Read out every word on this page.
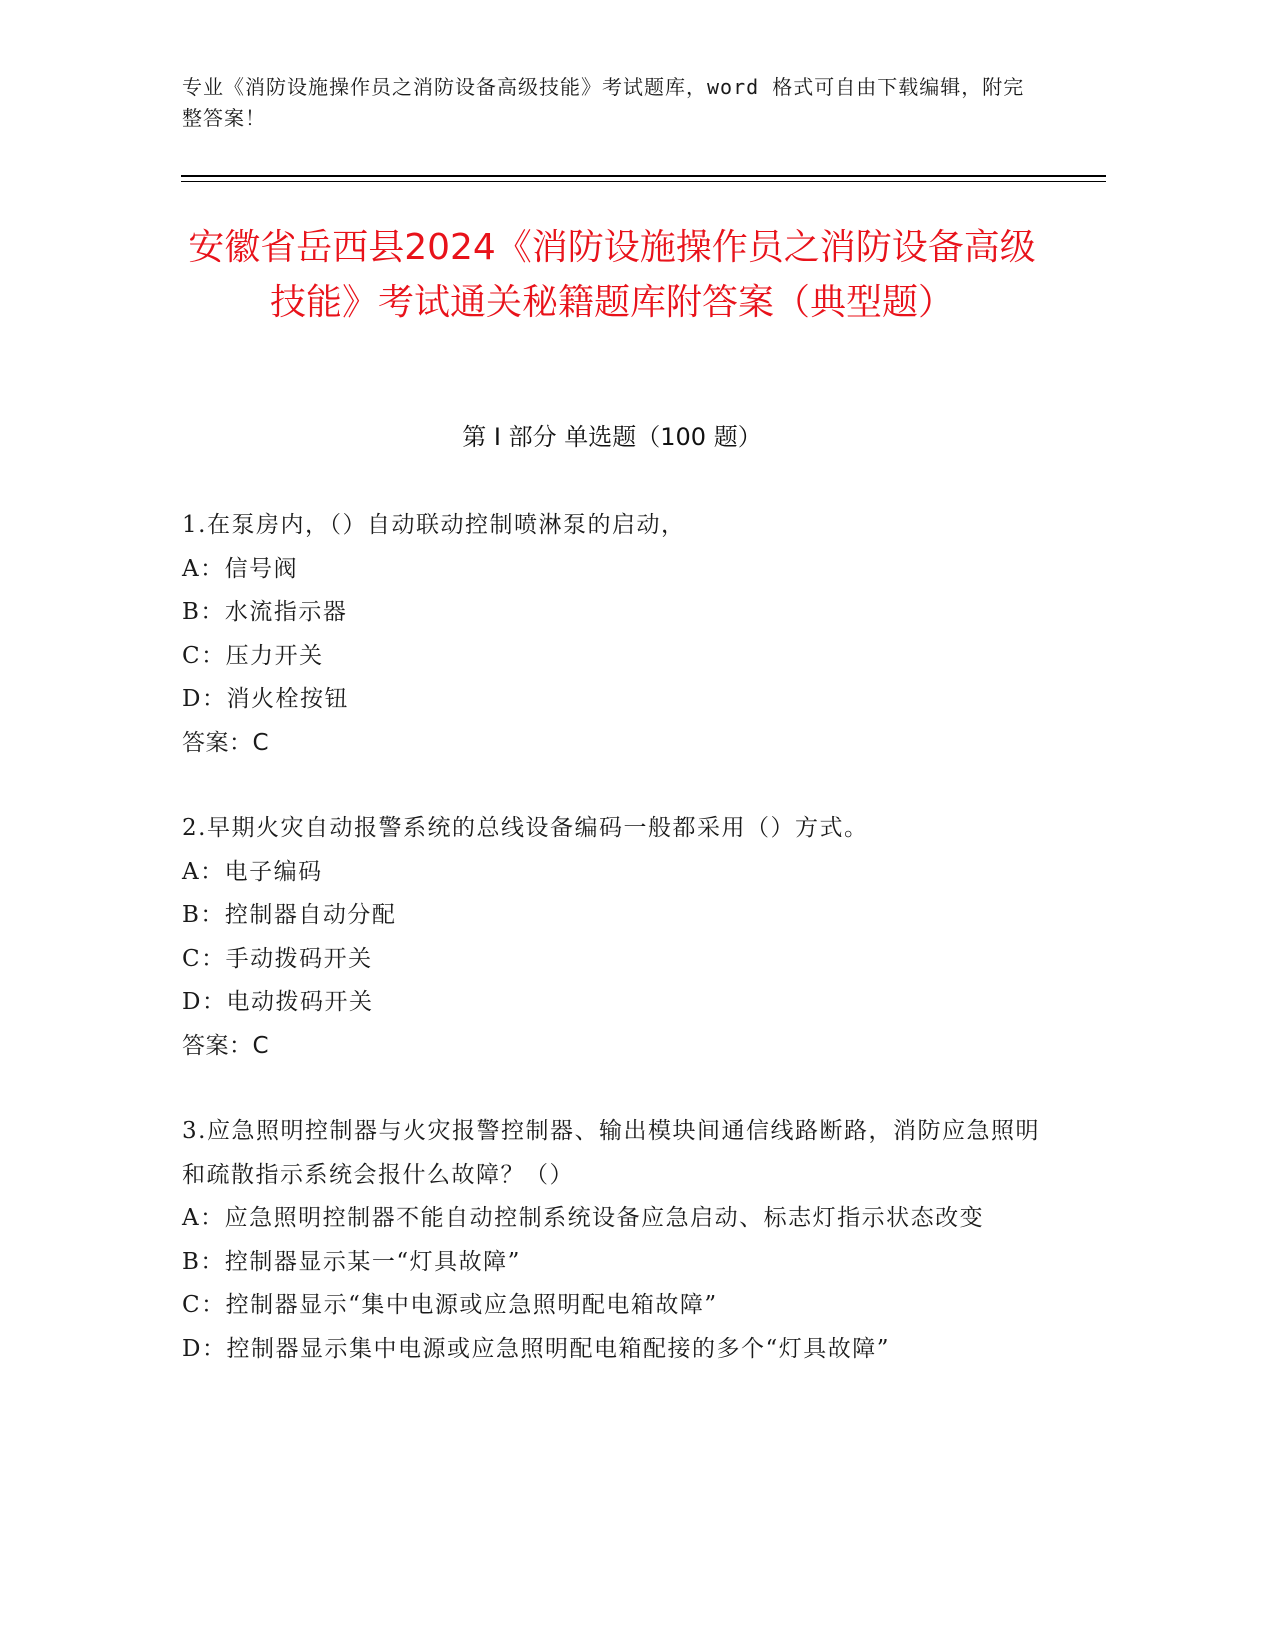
专业《消防设施操作员之消防设备高级技能》考试题库，word 格式可自由下载编辑，附完整答案！
安徽省岳西县2024《消防设施操作员之消防设备高级技能》考试通关秘籍题库附答案（典型题）
第 I 部分 单选题（100 题）
1.在泵房内，（）自动联动控制喷淋泵的启动，
A：信号阀
B：水流指示器
C：压力开关
D：消火栓按钮
答案：C
2.早期火灾自动报警系统的总线设备编码一般都采用（）方式。
A：电子编码
B：控制器自动分配
C：手动拨码开关
D：电动拨码开关
答案：C
3.应急照明控制器与火灾报警控制器、输出模块间通信线路断路，消防应急照明和疏散指示系统会报什么故障？（）
A：应急照明控制器不能自动控制系统设备应急启动、标志灯指示状态改变
B：控制器显示某一“灯具故障”
C：控制器显示“集中电源或应急照明配电箱故障”
D：控制器显示集中电源或应急照明配电箱配接的多个“灯具故障”
